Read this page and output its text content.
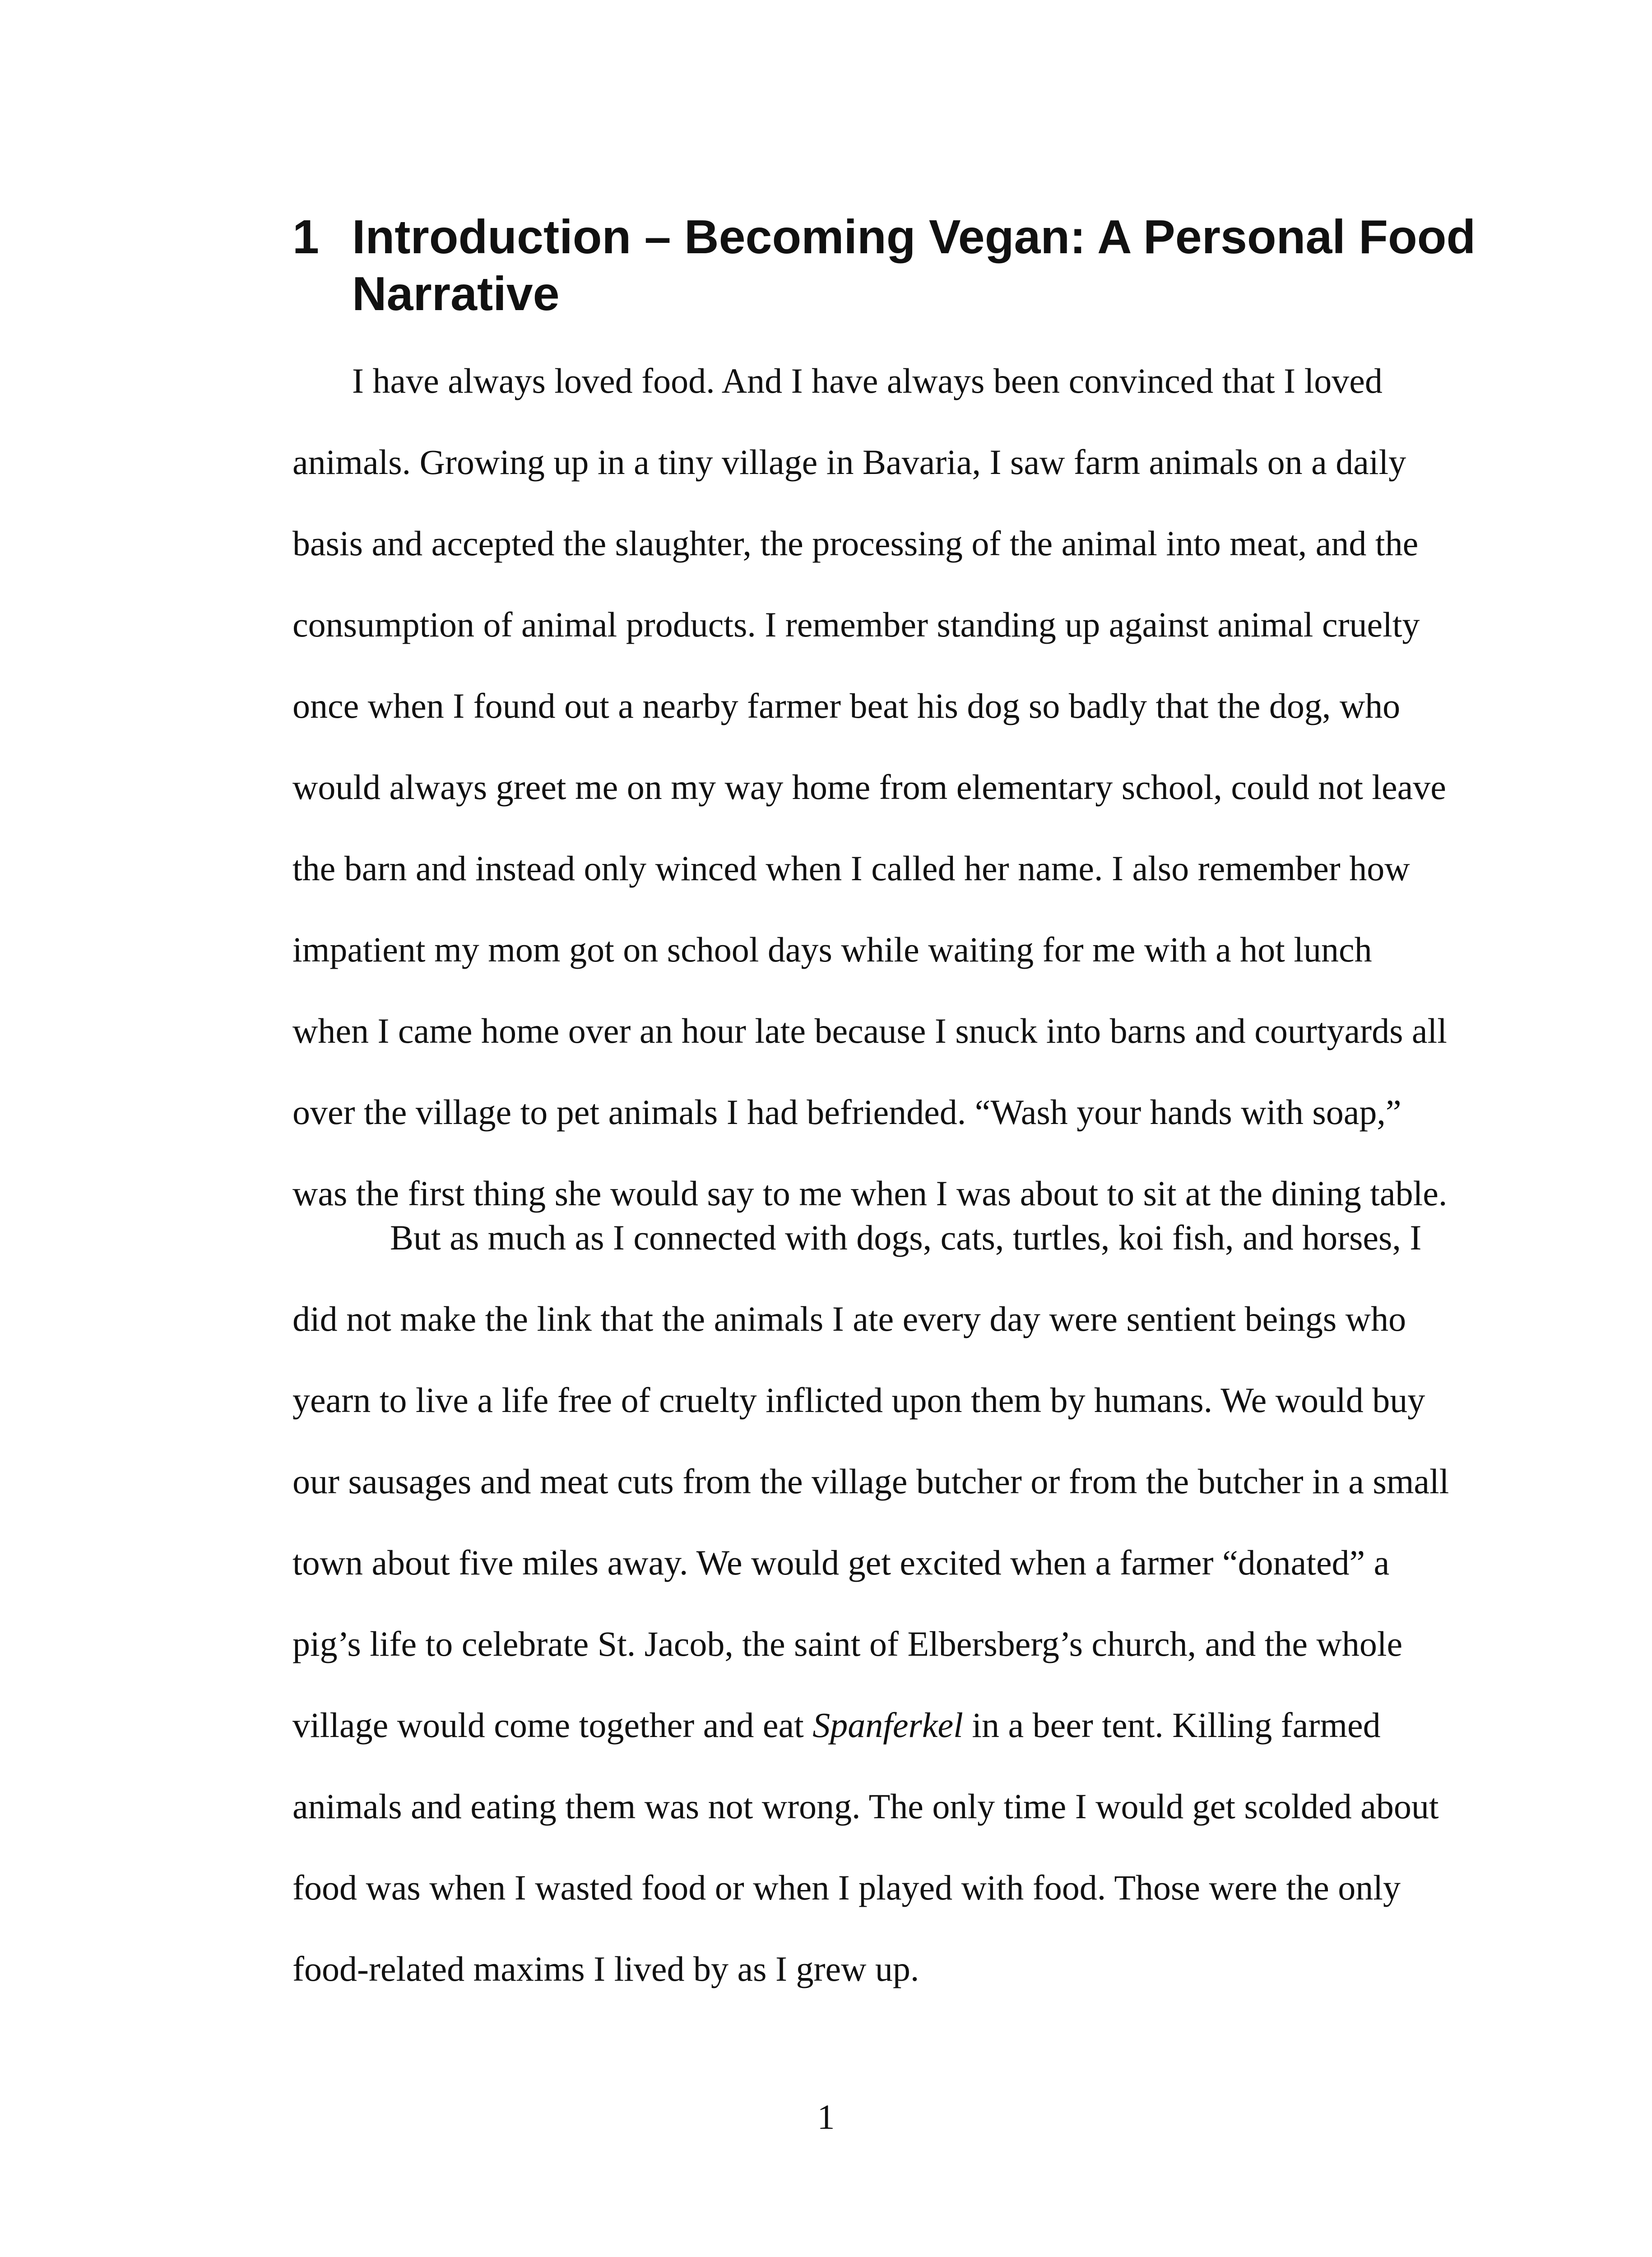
1 Introduction – Becoming Vegan: A Personal Food Narrative

I have always loved food. And I have always been convinced that I loved animals. Growing up in a tiny village in Bavaria, I saw farm animals on a daily basis and accepted the slaughter, the processing of the animal into meat, and the consumption of animal products. I remember standing up against animal cruelty once when I found out a nearby farmer beat his dog so badly that the dog, who would always greet me on my way home from elementary school, could not leave the barn and instead only winced when I called her name. I also remember how impatient my mom got on school days while waiting for me with a hot lunch when I came home over an hour late because I snuck into barns and courtyards all over the village to pet animals I had befriended. “Wash your hands with soap,” was the first thing she would say to me when I was about to sit at the dining table.

But as much as I connected with dogs, cats, turtles, koi fish, and horses, I did not make the link that the animals I ate every day were sentient beings who yearn to live a life free of cruelty inflicted upon them by humans. We would buy our sausages and meat cuts from the village butcher or from the butcher in a small town about five miles away. We would get excited when a farmer “donated” a pig’s life to celebrate St. Jacob, the saint of Elbersberg’s church, and the whole village would come together and eat Spanferkel in a beer tent. Killing farmed animals and eating them was not wrong. The only time I would get scolded about food was when I wasted food or when I played with food. Those were the only food-related maxims I lived by as I grew up.

1
